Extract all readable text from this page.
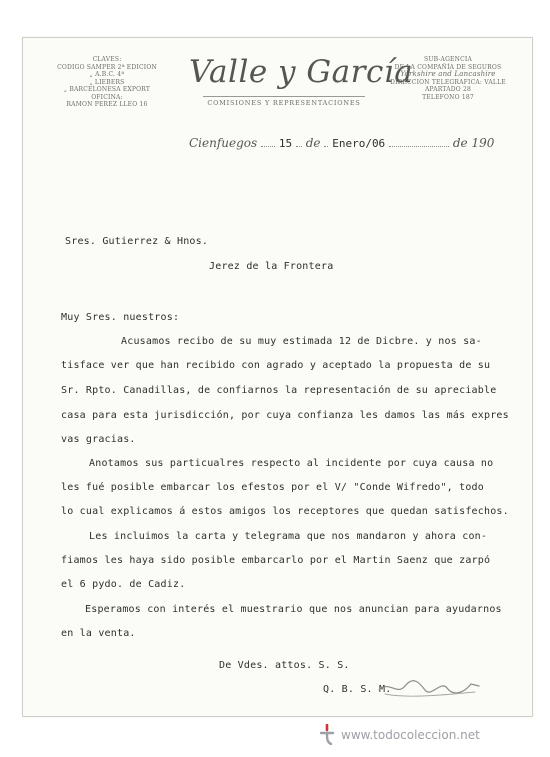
CLAVES:
CODIGO SAMPER 2ª EDICION
„ A.B.C. 4ª
„ LIEBERS
„ BARCELONESA EXPORT
OFICINA:
RAMON PEREZ LLEO 16
Valle y García
COMISIONES Y REPRESENTACIONES
SUB-AGENCIA
DE LA COMPAÑÍA DE SEGUROS
Yorkshire and Lancashire
DIRECCION TELEGRAFICA: VALLE
APARTADO 28
TELEFONO 187
Cienfuegos 15 de Enero/06	de 190
Sres. Gutierrez & Hnos.
Jerez de la Frontera
Muy Sres. nuestros:
Acusamos recibo de su muy estimada 12 de Dicbre. y nos sa-
tisface ver que han recibido con agrado y aceptado la propuesta de su
Sr. Rpto. Canadillas, de confiarnos la representación de su apreciable
casa para esta jurisdicción, por cuya confianza les damos las más expres
vas gracias.
Anotamos sus particualres respecto al incidente por cuya causa no
les fué posible embarcar los efestos por el V/ "Conde Wifredo", todo
lo cual explicamos á estos amigos los receptores que quedan satisfechos.
Les incluimos la carta y telegrama que nos mandaron y ahora con-
fiamos les haya sido posible embarcarlo por el Martin Saenz que zarpó
el 6 pydo. de Cadiz.
Esperamos con interés el muestrario que nos anuncian para ayudarnos
en la venta.
De Vdes. attos. S. S.
Q. B. S. M.
www.todocoleccion.net
